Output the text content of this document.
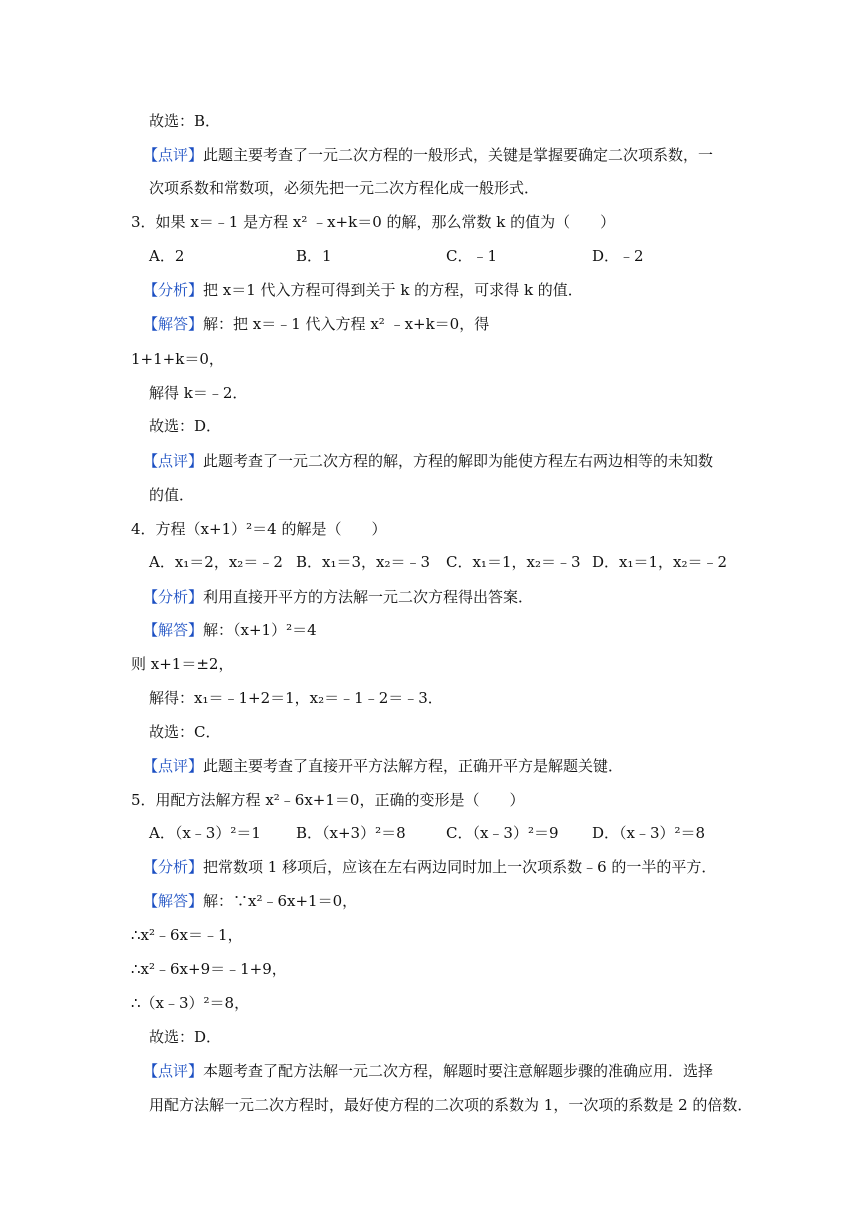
故选：B．
【点评】此题主要考查了一元二次方程的一般形式，关键是掌握要确定二次项系数，一
次项系数和常数项，必须先把一元二次方程化成一般形式．
3．如果 x＝﹣1 是方程 x² ﹣x+k＝0 的解，那么常数 k 的值为（　　）
A．2	B．1	C．﹣1	D．﹣2
【分析】把 x＝1 代入方程可得到关于 k 的方程，可求得 k 的值．
【解答】解：把 x＝﹣1 代入方程 x² ﹣x+k＝0，得
1+1+k＝0，
解得 k＝﹣2．
故选：D．
【点评】此题考查了一元二次方程的解，方程的解即为能使方程左右两边相等的未知数
的值．
4．方程（x+1）²＝4 的解是（　　）
A．x₁＝2，x₂＝﹣2 B．x₁＝3，x₂＝﹣3 C．x₁＝1，x₂＝﹣3 D．x₁＝1，x₂＝﹣2
【分析】利用直接开平方的方法解一元二次方程得出答案．
【解答】解：（x+1）²＝4
则 x+1＝±2，
解得：x₁＝﹣1+2＝1，x₂＝﹣1﹣2＝﹣3．
故选：C．
【点评】此题主要考查了直接开平方法解方程，正确开平方是解题关键．
5．用配方法解方程 x²﹣6x+1＝0，正确的变形是（　　）
A．（x﹣3）²＝1 B．（x+3）²＝8	C．（x﹣3）²＝9 D．（x﹣3）²＝8
【分析】把常数项 1 移项后，应该在左右两边同时加上一次项系数﹣6 的一半的平方．
【解答】解：∵x²﹣6x+1＝0，
∴x²﹣6x＝﹣1，
∴x²﹣6x+9＝﹣1+9，
∴（x﹣3）²＝8，
故选：D．
【点评】本题考查了配方法解一元二次方程，解题时要注意解题步骤的准确应用．选择
用配方法解一元二次方程时，最好使方程的二次项的系数为 1，一次项的系数是 2 的倍数．
